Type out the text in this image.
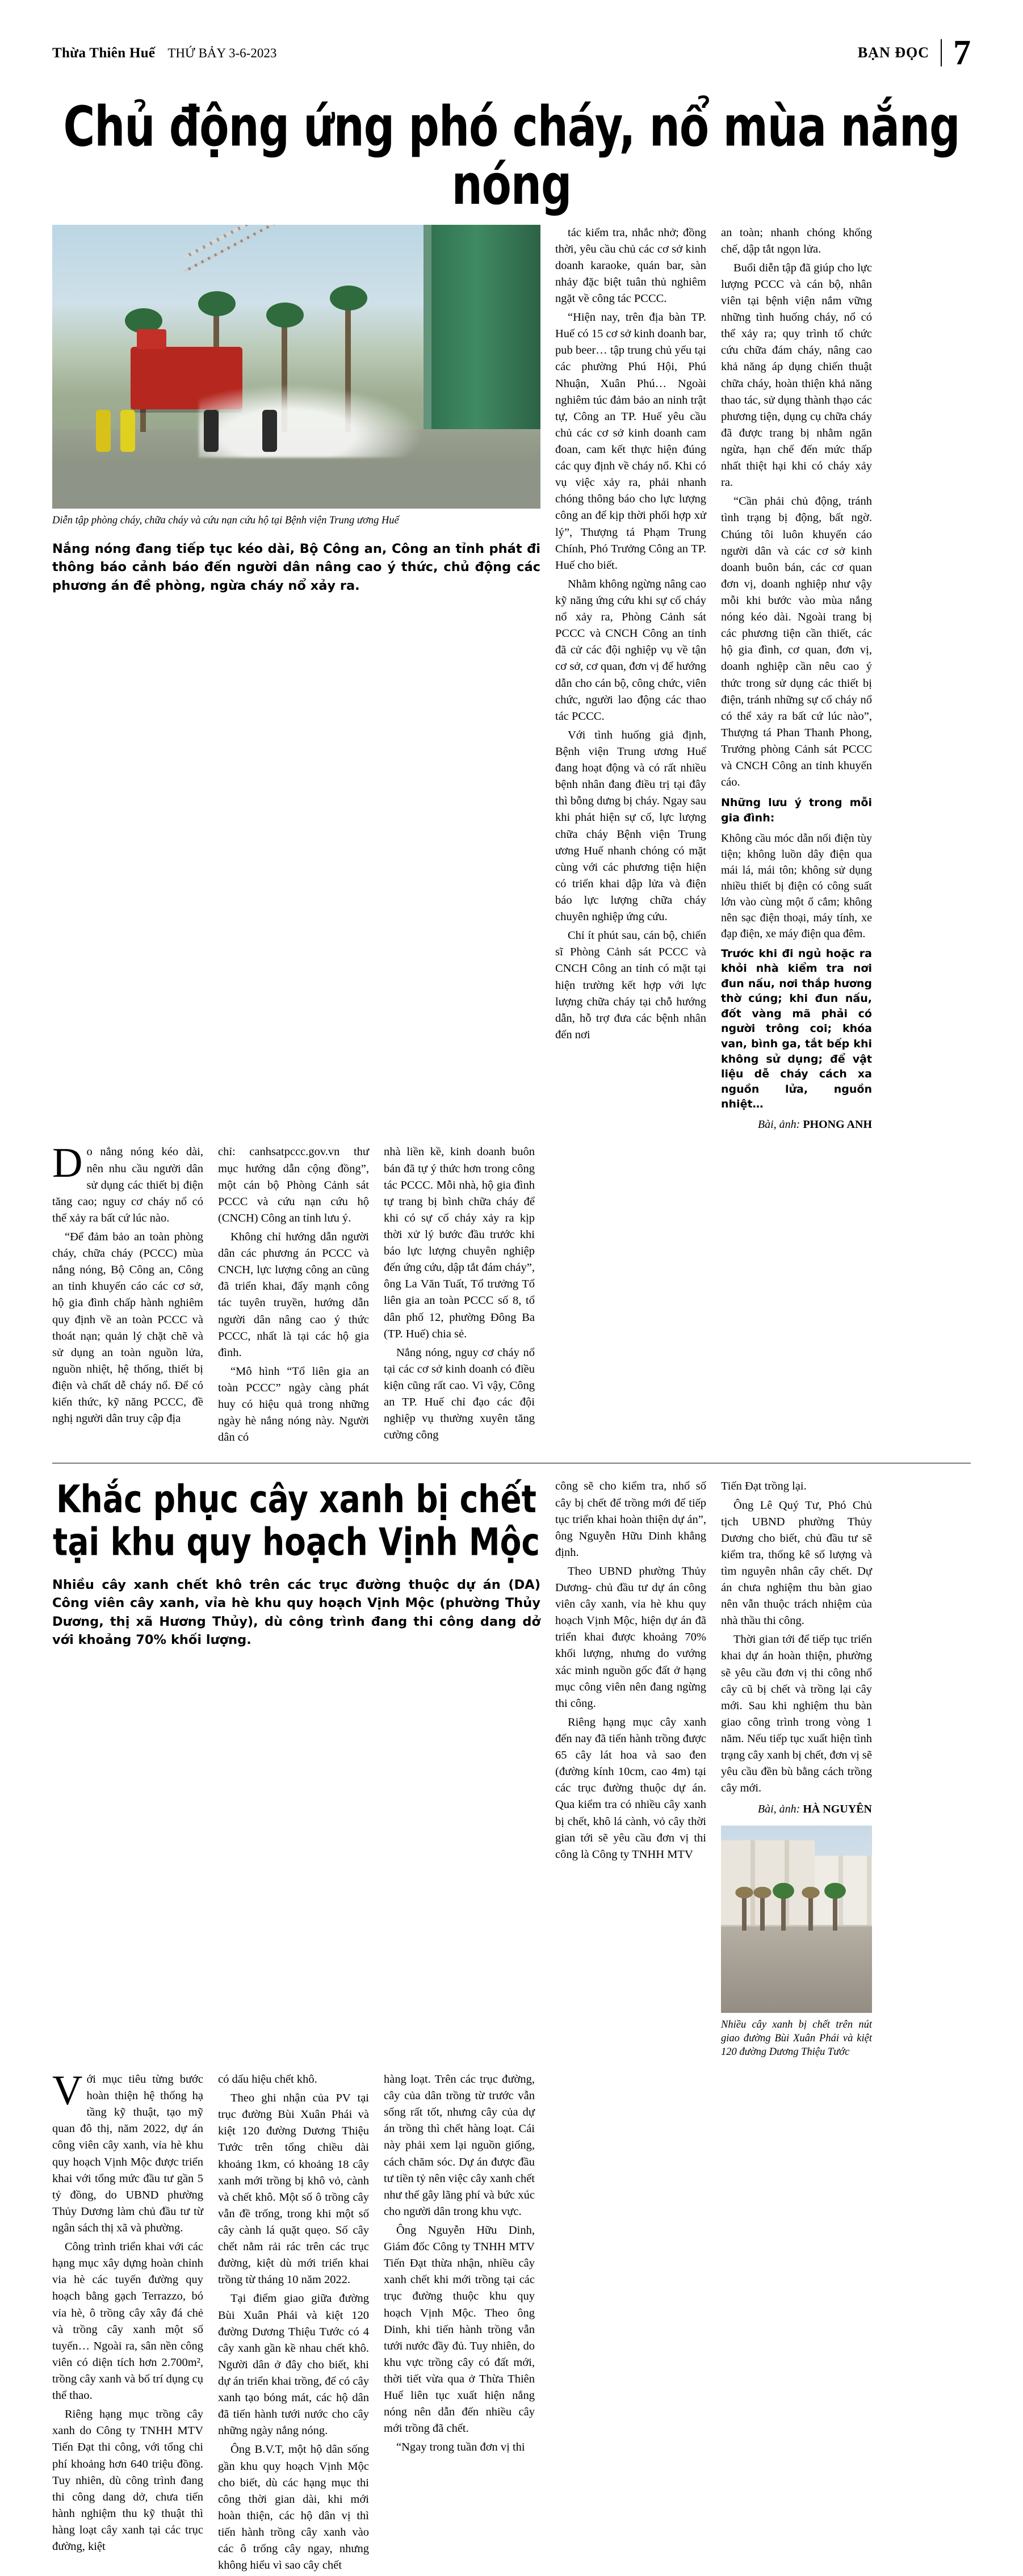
Thừa Thiên Huế THỨ BẢY 3-6-2023	BẠN ĐỌC 7
Chủ động ứng phó cháy, nổ mùa nắng nóng
Diễn tập phòng cháy, chữa cháy và cứu nạn cứu hộ tại Bệnh viện Trung ương Huế
Nắng nóng đang tiếp tục kéo dài, Bộ Công an, Công an tỉnh phát đi thông báo cảnh báo đến người dân nâng cao ý thức, chủ động các phương án đề phòng, ngừa cháy nổ xảy ra.

tác kiểm tra, nhắc nhở; đồng thời, yêu cầu chủ các cơ sở kinh doanh karaoke, quán bar, sàn nhảy đặc biệt tuân thủ nghiêm ngặt về công tác PCCC.

“Hiện nay, trên địa bàn TP. Huế có 15 cơ sở kinh doanh bar, pub beer… tập trung chủ yếu tại các phường Phú Hội, Phú Nhuận, Xuân Phú… Ngoài nghiêm túc đảm bảo an ninh trật tự, Công an TP. Huế yêu cầu chủ các cơ sở kinh doanh cam đoan, cam kết thực hiện đúng các quy định về cháy nổ. Khi có vụ việc xảy ra, phải nhanh chóng thông báo cho lực lượng công an để kịp thời phối hợp xử lý”, Thượng tá Phạm Trung Chính, Phó Trưởng Công an TP. Huế cho biết.

Nhằm không ngừng nâng cao kỹ năng ứng cứu khi sự cố cháy nổ xảy ra, Phòng Cảnh sát PCCC và CNCH Công an tỉnh đã cử các đội nghiệp vụ về tận cơ sở, cơ quan, đơn vị để hướng dẫn cho cán bộ, công chức, viên chức, người lao động các thao tác PCCC.

Với tình huống giả định, Bệnh viện Trung ương Huế đang hoạt động và có rất nhiều bệnh nhân đang điều trị tại đây thì bỗng dưng bị cháy. Ngay sau khi phát hiện sự cố, lực lượng chữa cháy Bệnh viện Trung ương Huế nhanh chóng có mặt cùng với các phương tiện hiện có triển khai dập lửa và điện báo lực lượng chữa cháy chuyên nghiệp ứng cứu.

Chỉ ít phút sau, cán bộ, chiến sĩ Phòng Cảnh sát PCCC và CNCH Công an tỉnh có mặt tại hiện trường kết hợp với lực lượng chữa cháy tại chỗ hướng dẫn, hỗ trợ đưa các bệnh nhân đến nơi

an toàn; nhanh chóng khống chế, dập tắt ngọn lửa.

Buổi diễn tập đã giúp cho lực lượng PCCC và cán bộ, nhân viên tại bệnh viện nắm vững những tình huống cháy, nổ có thể xảy ra; quy trình tổ chức cứu chữa đám cháy, nâng cao khả năng áp dụng chiến thuật chữa cháy, hoàn thiện khả năng thao tác, sử dụng thành thạo các phương tiện, dụng cụ chữa cháy đã được trang bị nhằm ngăn ngừa, hạn chế đến mức thấp nhất thiệt hại khi có cháy xảy ra.

“Cần phải chủ động, tránh tình trạng bị động, bất ngờ. Chúng tôi luôn khuyến cáo người dân và các cơ sở kinh doanh buôn bán, các cơ quan đơn vị, doanh nghiệp như vậy mỗi khi bước vào mùa nắng nóng kéo dài. Ngoài trang bị các phương tiện cần thiết, các hộ gia đình, cơ quan, đơn vị, doanh nghiệp cần nêu cao ý thức trong sử dụng các thiết bị điện, tránh những sự cố cháy nổ có thể xảy ra bất cứ lúc nào”, Thượng tá Phan Thanh Phong, Trưởng phòng Cảnh sát PCCC và CNCH Công an tỉnh khuyến cáo.

Những lưu ý trong mỗi gia đình:
Không cầu móc dẫn nối điện tùy tiện; không luồn dây điện qua mái lá, mái tôn; không sử dụng nhiều thiết bị điện có công suất lớn vào cùng một ổ cắm; không nên sạc điện thoại, máy tính, xe đạp điện, xe máy điện qua đêm.
Trước khi đi ngủ hoặc ra khỏi nhà kiểm tra nơi đun nấu, nơi thắp hương thờ cúng; khi đun nấu, đốt vàng mã phải có người trông coi; khóa van, bình ga, tắt bếp khi không sử dụng; để vật liệu dễ cháy cách xa nguồn lửa, nguồn nhiệt…
Bài, ảnh: PHONG ANH

Do nắng nóng kéo dài, nên nhu cầu người dân sử dụng các thiết bị điện tăng cao; nguy cơ cháy nổ có thể xảy ra bất cứ lúc nào.

“Để đảm bảo an toàn phòng cháy, chữa cháy (PCCC) mùa nắng nóng, Bộ Công an, Công an tỉnh khuyến cáo các cơ sở, hộ gia đình chấp hành nghiêm quy định về an toàn PCCC và thoát nạn; quản lý chặt chẽ và sử dụng an toàn nguồn lửa, nguồn nhiệt, hệ thống, thiết bị điện và chất dễ cháy nổ. Để có kiến thức, kỹ năng PCCC, đề nghị người dân truy cập địa

chỉ: canhsatpccc.gov.vn thư mục hướng dẫn cộng đồng”, một cán bộ Phòng Cảnh sát PCCC và cứu nạn cứu hộ (CNCH) Công an tỉnh lưu ý.

Không chỉ hướng dẫn người dân các phương án PCCC và CNCH, lực lượng công an cũng đã triển khai, đẩy mạnh công tác tuyên truyền, hướng dẫn người dân nâng cao ý thức PCCC, nhất là tại các hộ gia đình.

“Mô hình “Tổ liên gia an toàn PCCC” ngày càng phát huy có hiệu quả trong những ngày hè nắng nóng này. Người dân có

nhà liền kề, kinh doanh buôn bán đã tự ý thức hơn trong công tác PCCC. Mỗi nhà, hộ gia đình tự trang bị bình chữa cháy để khi có sự cố cháy xảy ra kịp thời xử lý bước đầu trước khi báo lực lượng chuyên nghiệp đến ứng cứu, dập tắt đám cháy”, ông La Văn Tuất, Tổ trưởng Tổ liên gia an toàn PCCC số 8, tổ dân phố 12, phường Đông Ba (TP. Huế) chia sẻ.

Nắng nóng, nguy cơ cháy nổ tại các cơ sở kinh doanh có điều kiện cũng rất cao. Vì vậy, Công an TP. Huế chỉ đạo các đội nghiệp vụ thường xuyên tăng cường công

Khắc phục cây xanh bị chết
tại khu quy hoạch Vịnh Mộc
Nhiều cây xanh chết khô trên các trục đường thuộc dự án (DA) Công viên cây xanh, vỉa hè khu quy hoạch Vịnh Mộc (phường Thủy Dương, thị xã Hương Thủy), dù công trình đang thi công dang dở với khoảng 70% khối lượng.

công sẽ cho kiểm tra, nhổ số cây bị chết để trồng mới để tiếp tục triển khai hoàn thiện dự án”, ông Nguyễn Hữu Dinh khẳng định.

Theo UBND phường Thủy Dương- chủ đầu tư dự án công viên cây xanh, vỉa hè khu quy hoạch Vịnh Mộc, hiện dự án đã triển khai được khoảng 70% khối lượng, nhưng do vướng xác minh nguồn gốc đất ở hạng mục công viên nên đang ngừng thi công.

Riêng hạng mục cây xanh đến nay đã tiến hành trồng được 65 cây lát hoa và sao đen (đường kính 10cm, cao 4m) tại các trục đường thuộc dự án. Qua kiểm tra có nhiều cây xanh bị chết, khô lá cành, vỏ cây thời gian tới sẽ yêu cầu đơn vị thi công là Công ty TNHH MTV

Tiến Đạt trồng lại.

Ông Lê Quý Tư, Phó Chủ tịch UBND phường Thủy Dương cho biết, chủ đầu tư sẽ kiểm tra, thống kê số lượng và tìm nguyên nhân cây chết. Dự án chưa nghiệm thu bàn giao nên vẫn thuộc trách nhiệm của nhà thầu thi công.

Thời gian tới để tiếp tục triển khai dự án hoàn thiện, phường sẽ yêu cầu đơn vị thi công nhổ cây cũ bị chết và trồng lại cây mới. Sau khi nghiệm thu bàn giao công trình trong vòng 1 năm. Nếu tiếp tục xuất hiện tình trạng cây xanh bị chết, đơn vị sẽ yêu cầu đền bù bằng cách trồng cây mới.

Bài, ảnh: HÀ NGUYÊN
Nhiều cây xanh bị chết trên nút giao đường Bùi Xuân Phái và kiệt 120 đường Dương Thiệu Tước

Với mục tiêu từng bước hoàn thiện hệ thống hạ tầng kỹ thuật, tạo mỹ quan đô thị, năm 2022, dự án công viên cây xanh, vỉa hè khu quy hoạch Vịnh Mộc được triển khai với tổng mức đầu tư gần 5 tỷ đồng, do UBND phường Thủy Dương làm chủ đầu tư từ ngân sách thị xã và phường.

Công trình triển khai với các hạng mục xây dựng hoàn chỉnh via hè các tuyến đường quy hoạch bằng gạch Terrazzo, bó vỉa hè, ô trồng cây xây đá chẻ và trồng cây xanh một số tuyến… Ngoài ra, sân nền công viên có diện tích hơn 2.700m², trồng cây xanh và bố trí dụng cụ thể thao.

Riêng hạng mục trồng cây xanh do Công ty TNHH MTV Tiến Đạt thi công, với tổng chi phí khoảng hơn 640 triệu đồng. Tuy nhiên, dù công trình đang thi công dang dở, chưa tiến hành nghiệm thu kỹ thuật thì hàng loạt cây xanh tại các trục đường, kiệt

có dấu hiệu chết khô.

Theo ghi nhận của PV tại trục đường Bùi Xuân Phái và kiệt 120 đường Dương Thiệu Tước trên tổng chiều dài khoảng 1km, có khoảng 18 cây xanh mới trồng bị khô vỏ, cành và chết khô. Một số ô trồng cây vẫn đề trống, trong khi một số cây cành lá quặt quẹo. Số cây chết nằm rải rác trên các trục đường, kiệt dù mới triển khai trồng từ tháng 10 năm 2022.

Tại điểm giao giữa đường Bùi Xuân Phái và kiệt 120 đường Dương Thiệu Tước có 4 cây xanh gần kề nhau chết khô. Người dân ở đây cho biết, khi dự án triển khai trồng, để có cây xanh tạo bóng mát, các hộ dân đã tiến hành tưới nước cho cây những ngày nắng nóng.

Ông B.V.T, một hộ dân sống gần khu quy hoạch Vịnh Mộc cho biết, dù các hạng mục thi công thời gian dài, khi mới hoàn thiện, các hộ dân vị thì tiến hành trồng cây xanh vào các ô trống cây ngay, nhưng không hiểu vì sao cây chết

hàng loạt. Trên các trục đường, cây của dân trồng từ trước vẫn sống rất tốt, nhưng cây của dự án trồng thì chết hàng loạt. Cái này phải xem lại nguồn giống, cách chăm sóc. Dự án được đầu tư tiền tỷ nên việc cây xanh chết như thế gây lãng phí và bức xúc cho người dân trong khu vực.

Ông Nguyễn Hữu Dinh, Giám đốc Công ty TNHH MTV Tiến Đạt thừa nhận, nhiều cây xanh chết khi mới trồng tại các trục đường thuộc khu quy hoạch Vịnh Mộc. Theo ông Dinh, khi tiến hành trồng vẫn tưới nước đầy đủ. Tuy nhiên, do khu vực trồng cây có đất mới, thời tiết vừa qua ở Thừa Thiên Huế liên tục xuất hiện nắng nóng nên dẫn đến nhiều cây mới trồng đã chết.

“Ngay trong tuần đơn vị thi
